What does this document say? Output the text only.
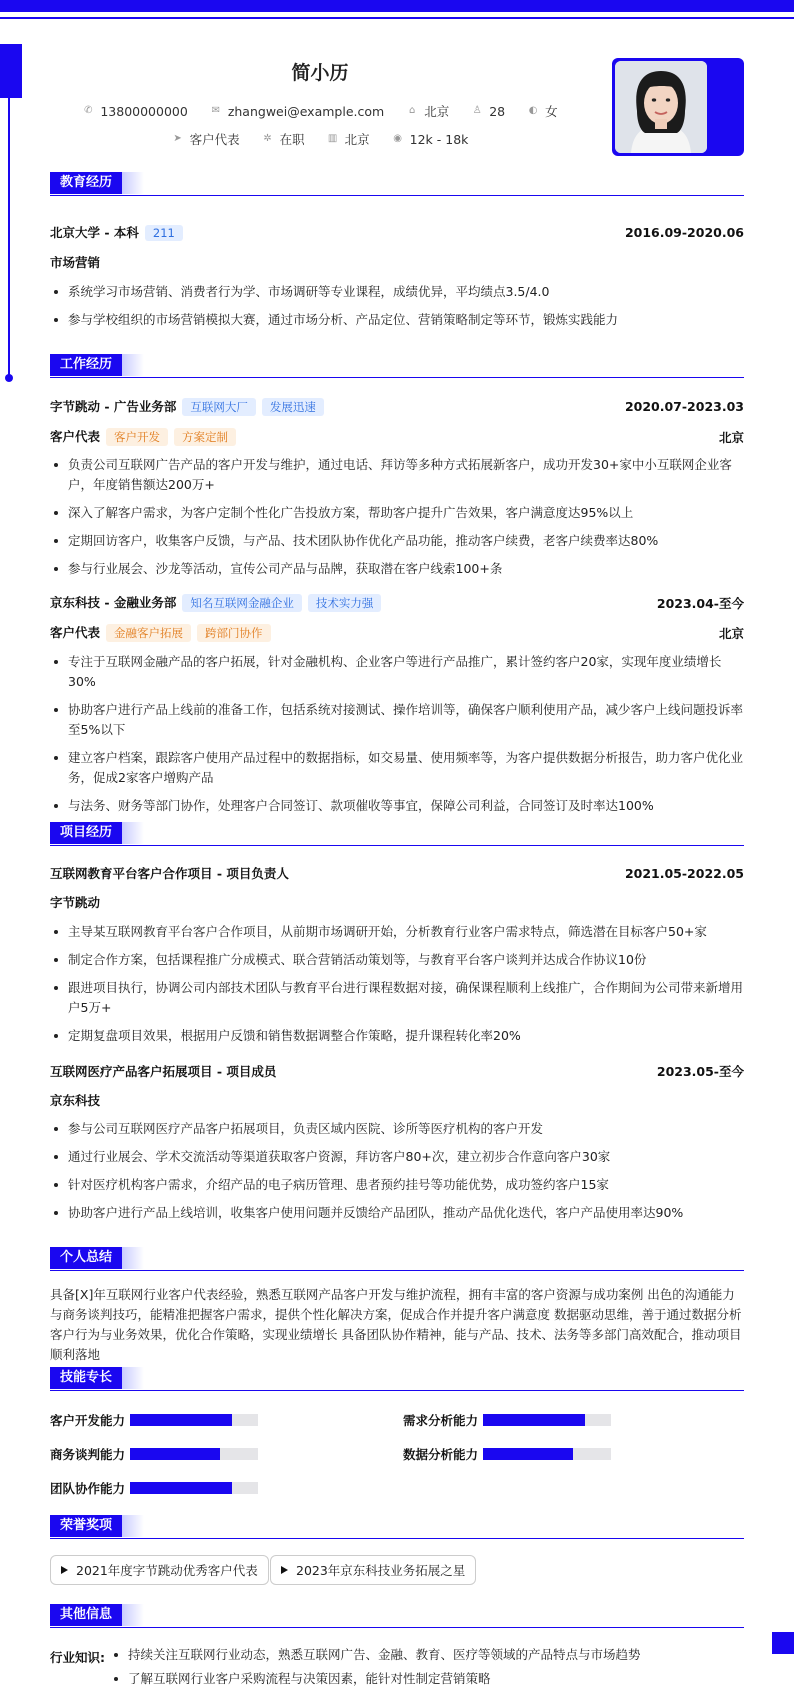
简小历
✆ 13800000000 ✉ zhangwei@example.com ⌂ 北京 ♙ 28 ◐ 女
➤ 客户代表 ✲ 在职 ▥ 北京 ◉ 12k - 18k
教育经历
北京大学 - 本科 211	2016.09-2020.06
市场营销
系统学习市场营销、消费者行为学、市场调研等专业课程，成绩优异，平均绩点3.5/4.0
参与学校组织的市场营销模拟大赛，通过市场分析、产品定位、营销策略制定等环节，锻炼实践能力
工作经历
字节跳动 - 广告业务部 互联网大厂 发展迅速	2020.07-2023.03
客户代表 客户开发 方案定制	北京
负责公司互联网广告产品的客户开发与维护，通过电话、拜访等多种方式拓展新客户，成功开发30+家中小互联网企业客户，年度销售额达200万+
深入了解客户需求，为客户定制个性化广告投放方案，帮助客户提升广告效果，客户满意度达95%以上
定期回访客户，收集客户反馈，与产品、技术团队协作优化产品功能，推动客户续费，老客户续费率达80%
参与行业展会、沙龙等活动，宣传公司产品与品牌，获取潜在客户线索100+条
京东科技 - 金融业务部 知名互联网金融企业 技术实力强	2023.04-至今
客户代表 金融客户拓展 跨部门协作	北京
专注于互联网金融产品的客户拓展，针对金融机构、企业客户等进行产品推广，累计签约客户20家，实现年度业绩增长30%
协助客户进行产品上线前的准备工作，包括系统对接测试、操作培训等，确保客户顺利使用产品，减少客户上线问题投诉率至5%以下
建立客户档案，跟踪客户使用产品过程中的数据指标，如交易量、使用频率等，为客户提供数据分析报告，助力客户优化业务，促成2家客户增购产品
与法务、财务等部门协作，处理客户合同签订、款项催收等事宜，保障公司利益，合同签订及时率达100%
项目经历
互联网教育平台客户合作项目 - 项目负责人	2021.05-2022.05
字节跳动
主导某互联网教育平台客户合作项目，从前期市场调研开始，分析教育行业客户需求特点，筛选潜在目标客户50+家
制定合作方案，包括课程推广分成模式、联合营销活动策划等，与教育平台客户谈判并达成合作协议10份
跟进项目执行，协调公司内部技术团队与教育平台进行课程数据对接，确保课程顺利上线推广，合作期间为公司带来新增用户5万+
定期复盘项目效果，根据用户反馈和销售数据调整合作策略，提升课程转化率20%
互联网医疗产品客户拓展项目 - 项目成员	2023.05-至今
京东科技
参与公司互联网医疗产品客户拓展项目，负责区域内医院、诊所等医疗机构的客户开发
通过行业展会、学术交流活动等渠道获取客户资源，拜访客户80+次，建立初步合作意向客户30家
针对医疗机构客户需求，介绍产品的电子病历管理、患者预约挂号等功能优势，成功签约客户15家
协助客户进行产品上线培训，收集客户使用问题并反馈给产品团队，推动产品优化迭代，客户产品使用率达90%
个人总结
具备[X]年互联网行业客户代表经验，熟悉互联网产品客户开发与维护流程，拥有丰富的客户资源与成功案例 出色的沟通能力与商务谈判技巧，能精准把握客户需求，提供个性化解决方案，促成合作并提升客户满意度 数据驱动思维，善于通过数据分析客户行为与业务效果，优化合作策略，实现业绩增长 具备团队协作精神，能与产品、技术、法务等多部门高效配合，推动项目顺利落地
技能专长
客户开发能力	需求分析能力
商务谈判能力	数据分析能力
团队协作能力
荣誉奖项
2021年度字节跳动优秀客户代表	2023年京东科技业务拓展之星
其他信息
行业知识:	持续关注互联网行业动态，熟悉互联网广告、金融、教育、医疗等领域的产品特点与市场趋势
了解互联网行业客户采购流程与决策因素，能针对性制定营销策略
